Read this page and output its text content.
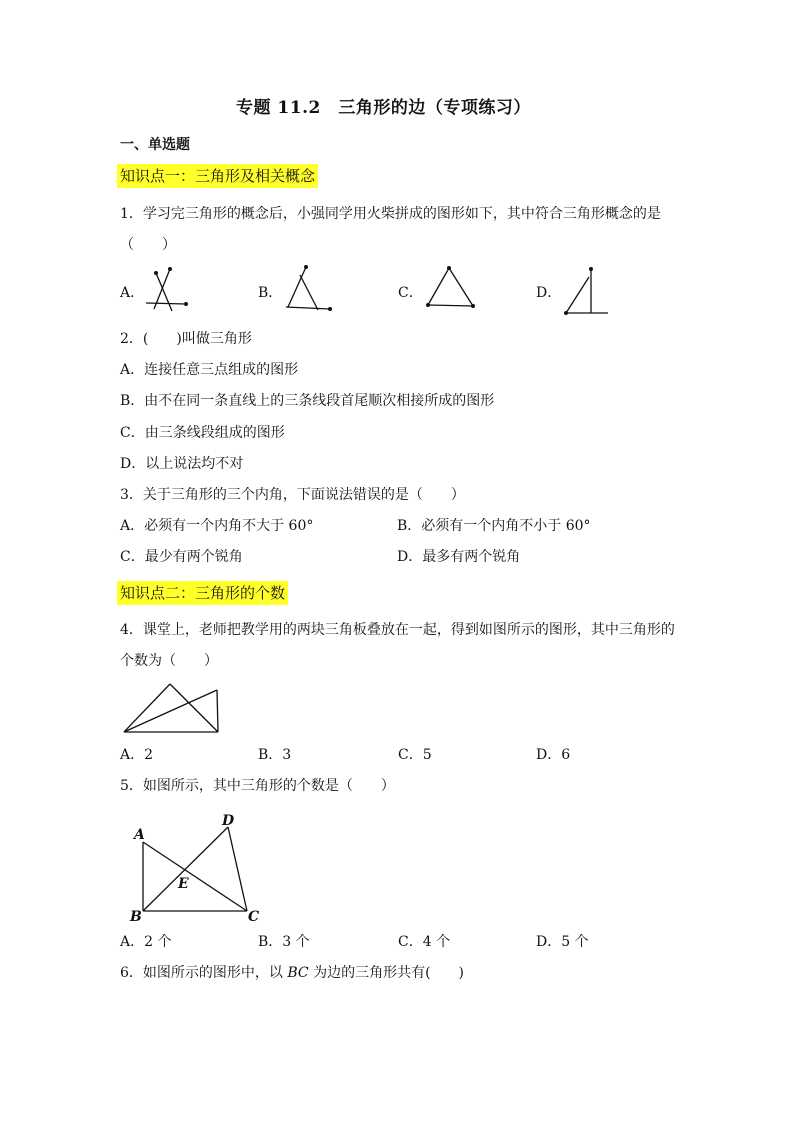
专题 11.2　三角形的边（专项练习）
一、单选题
知识点一：三角形及相关概念
1．学习完三角形的概念后，小强同学用火柴拼成的图形如下，其中符合三角形概念的是
（　　）
A．	B．	C．	D．
2．(　　)叫做三角形
A．连接任意三点组成的图形
B．由不在同一条直线上的三条线段首尾顺次相接所成的图形
C．由三条线段组成的图形
D．以上说法均不对
3．关于三角形的三个内角，下面说法错误的是（　　）
A．必须有一个内角不大于 60°	B．必须有一个内角不小于 60°
C．最少有两个锐角	D．最多有两个锐角
知识点二：三角形的个数
4．课堂上，老师把教学用的两块三角板叠放在一起，得到如图所示的图形，其中三角形的
个数为（　　）
A．2	B．3	C．5	D．6
5．如图所示，其中三角形的个数是（　　）
A
D
E
B	C
A．2 个	B．3 个	C．4 个	D．5 个
6．如图所示的图形中，以 BC 为边的三角形共有(　　)
